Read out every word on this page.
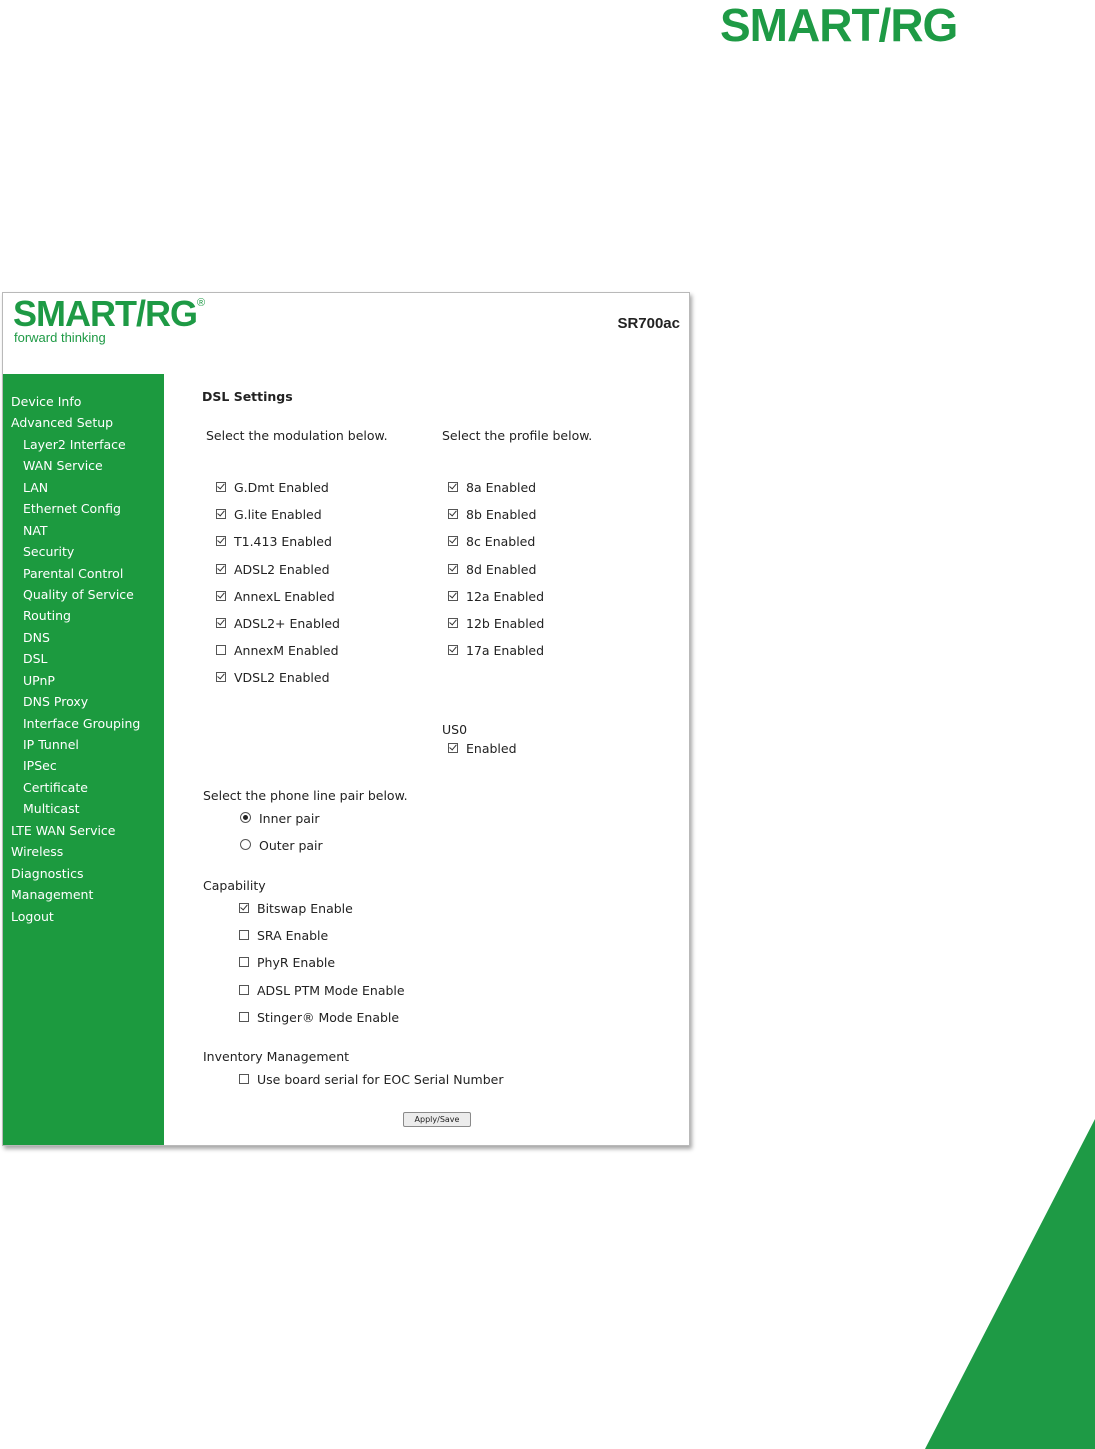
SMART/RG
SMART/RG®
forward thinking
SR700ac
Device Info
Advanced Setup
Layer2 Interface
WAN Service
LAN
Ethernet Config
NAT
Security
Parental Control
Quality of Service
Routing
DNS
DSL
UPnP
DNS Proxy
Interface Grouping
IP Tunnel
IPSec
Certificate
Multicast
LTE WAN Service
Wireless
Diagnostics
Management
Logout
DSL Settings
Select the modulation below.	Select the profile below.
G.Dmt Enabled
G.lite Enabled
T1.413 Enabled
ADSL2 Enabled
AnnexL Enabled
ADSL2+ Enabled
AnnexM Enabled
VDSL2 Enabled
8a Enabled
8b Enabled
8c Enabled
8d Enabled
12a Enabled
12b Enabled
17a Enabled
US0
Enabled
Select the phone line pair below.
Inner pair
Outer pair
Capability
Bitswap Enable
SRA Enable
PhyR Enable
ADSL PTM Mode Enable
Stinger® Mode Enable
Inventory Management
Use board serial for EOC Serial Number
Apply/Save
